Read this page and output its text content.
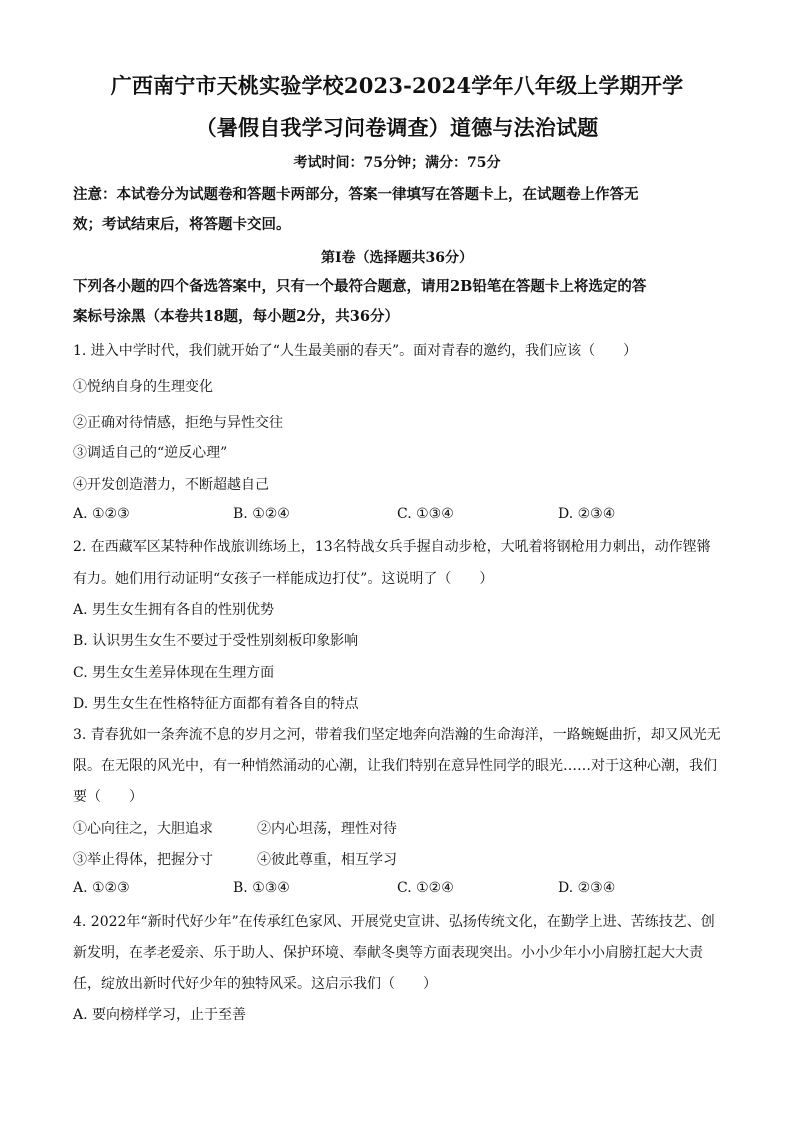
广西南宁市天桃实验学校2023-2024学年八年级上学期开学
（暑假自我学习问卷调查）道德与法治试题
考试时间：75分钟；满分：75分
注意：本试卷分为试题卷和答题卡两部分，答案一律填写在答题卡上，在试题卷上作答无
效；考试结束后，将答题卡交回。
第Ⅰ卷（选择题共36分）
下列各小题的四个备选答案中，只有一个最符合题意，请用2B铅笔在答题卡上将选定的答
案标号涂黑（本卷共18题，每小题2分，共36分）
1. 进入中学时代，我们就开始了“人生最美丽的春天”。面对青春的邀约，我们应该（　　）
①悦纳自身的生理变化
②正确对待情感，拒绝与异性交往
③调适自己的“逆反心理”
④开发创造潜力，不断超越自己
A. ①②③	B. ①②④	C. ①③④	D. ②③④
2. 在西藏军区某特种作战旅训练场上，13名特战女兵手握自动步枪，大吼着将钢枪用力刺出，动作铿锵
有力。她们用行动证明“女孩子一样能成边打仗”。这说明了（　　）
A. 男生女生拥有各自的性别优势
B. 认识男生女生不要过于受性别刻板印象影响
C. 男生女生差异体现在生理方面
D. 男生女生在性格特征方面都有着各自的特点
3. 青春犹如一条奔流不息的岁月之河，带着我们坚定地奔向浩瀚的生命海洋，一路蜿蜒曲折，却又风光无
限。在无限的风光中，有一种悄然涌动的心潮，让我们特别在意异性同学的眼光……对于这种心潮，我们
要（　　）
①心向往之，大胆追求	②内心坦荡，理性对待
③举止得体，把握分寸	④彼此尊重，相互学习
A. ①②③	B. ①③④	C. ①②④	D. ②③④
4. 2022年“新时代好少年”在传承红色家风、开展党史宣讲、弘扬传统文化，在勤学上进、苦练技艺、创
新发明，在孝老爱亲、乐于助人、保护环境、奉献冬奥等方面表现突出。小小少年小小肩膀扛起大大责
任，绽放出新时代好少年的独特风采。这启示我们（　　）
A. 要向榜样学习，止于至善
